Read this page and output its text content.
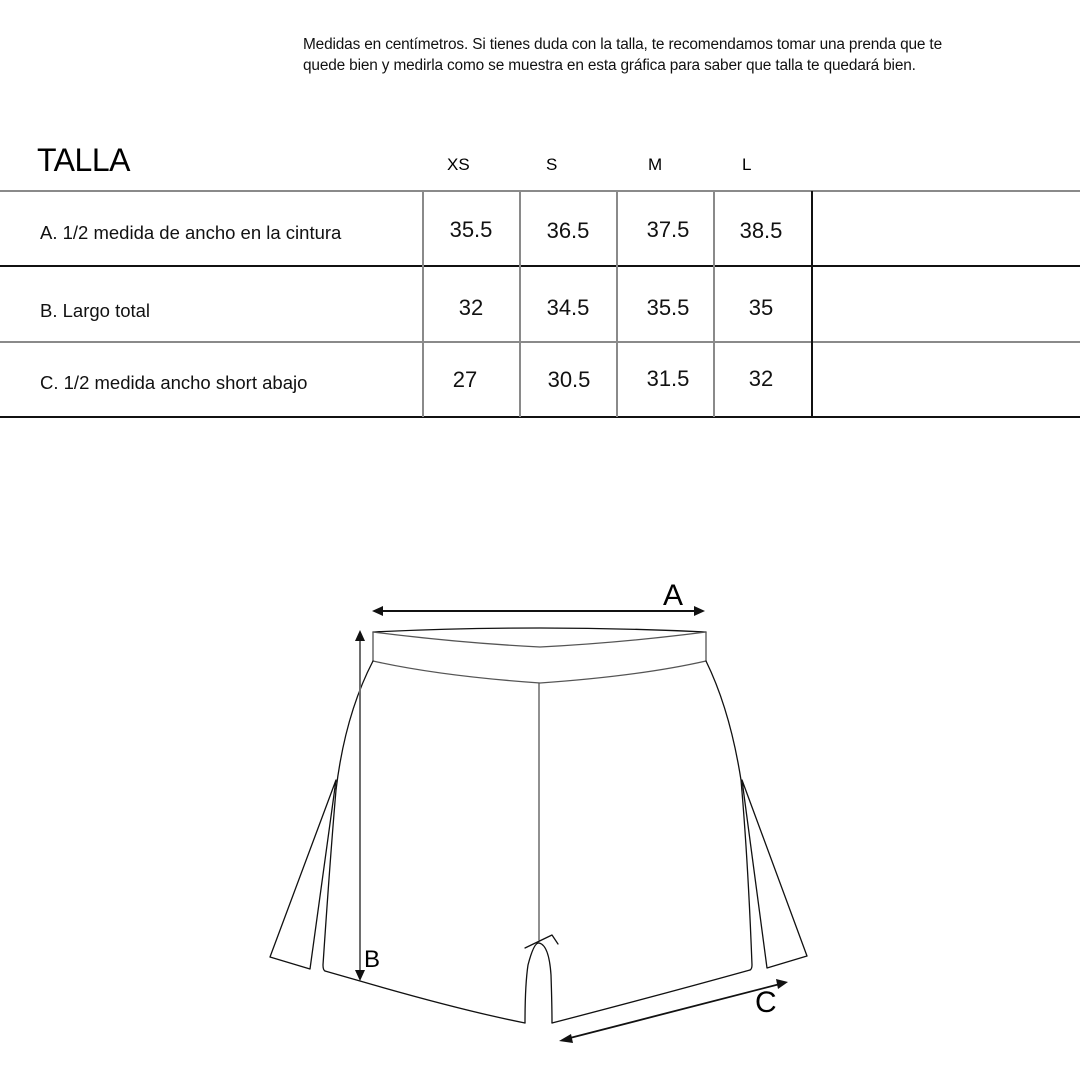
Medidas en centímetros. Si tienes duda con la talla, te recomendamos tomar una prenda que te
quede bien y medirla como se muestra en esta gráfica para saber que talla te quedará bien.
TALLA	XS	S	M	L
A. 1/2 medida de ancho en la cintura	35.5	36.5	37.5	38.5
B. Largo total	32	34.5	35.5	35
C. 1/2 medida ancho short abajo	27	30.5	31.5	32
A
B
C
